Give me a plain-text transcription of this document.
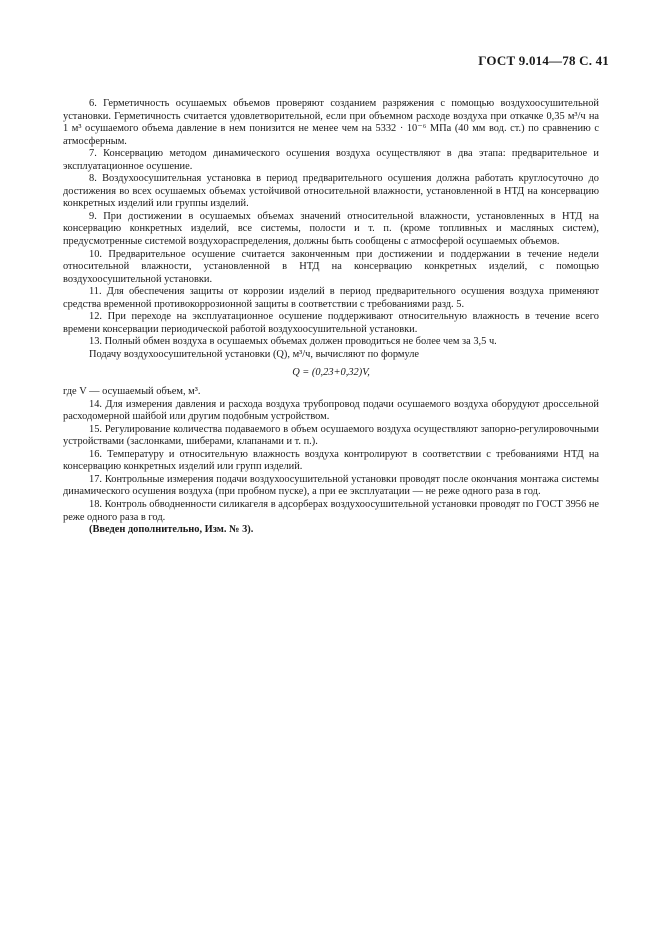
ГОСТ 9.014—78 С. 41

6. Герметичность осушаемых объемов проверяют созданием разряжения с помощью воздухоосушительной установки. Герметичность считается удовлетворительной, если при объемном расходе воздуха при откачке 0,35 м³/ч на 1 м³ осушаемого объема давление в нем понизится не менее чем на 5332 · 10⁻⁶ МПа (40 мм вод. ст.) по сравнению с атмосферным.

7. Консервацию методом динамического осушения воздуха осуществляют в два этапа: предварительное и эксплуатационное осушение.

8. Воздухоосушительная установка в период предварительного осушения должна работать круглосуточно до достижения во всех осушаемых объемах устойчивой относительной влажности, установленной в НТД на консервацию конкретных изделий или группы изделий.

9. При достижении в осушаемых объемах значений относительной влажности, установленных в НТД на консервацию конкретных изделий, все системы, полости и т. п. (кроме топливных и масляных систем), предусмотренные системой воздухораспределения, должны быть сообщены с атмосферой осушаемых объемов.

10. Предварительное осушение считается законченным при достижении и поддержании в течение недели относительной влажности, установленной в НТД на консервацию конкретных изделий, с помощью воздухоосушительной установки.

11. Для обеспечения защиты от коррозии изделий в период предварительного осушения воздуха применяют средства временной противокоррозионной защиты в соответствии с требованиями разд. 5.

12. При переходе на эксплуатационное осушение поддерживают относительную влажность в течение всего времени консервации периодической работой воздухоосушительной установки.

13. Полный обмен воздуха в осушаемых объемах должен проводиться не более чем за 3,5 ч.

Подачу воздухоосушительной установки (Q), м³/ч, вычисляют по формуле

Q = (0,23+0,32)V,

где V — осушаемый объем, м³.

14. Для измерения давления и расхода воздуха трубопровод подачи осушаемого воздуха оборудуют дроссельной расходомерной шайбой или другим подобным устройством.

15. Регулирование количества подаваемого в объем осушаемого воздуха осуществляют запорно-регулировочными устройствами (заслонками, шиберами, клапанами и т. п.).

16. Температуру и относительную влажность воздуха контролируют в соответствии с требованиями НТД на консервацию конкретных изделий или групп изделий.

17. Контрольные измерения подачи воздухоосушительной установки проводят после окончания монтажа системы динамического осушения воздуха (при пробном пуске), а при ее эксплуатации — не реже одного раза в год.

18. Контроль обводненности силикагеля в адсорберах воздухоосушительной установки проводят по ГОСТ 3956 не реже одного раза в год.

(Введен дополнительно, Изм. № 3).
